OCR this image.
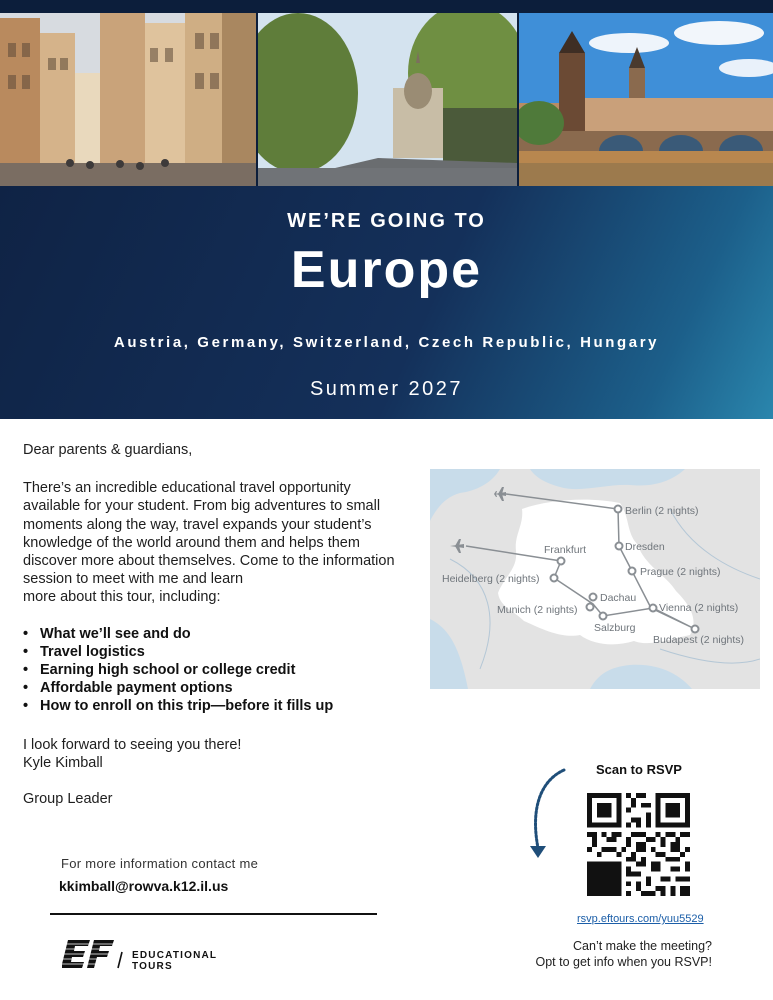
WE’RE GOING TO
Europe
Austria, Germany, Switzerland, Czech Republic, Hungary
Summer 2027
Dear parents & guardians,
There’s an incredible educational travel opportunity
available for your student. From big adventures to small
moments along the way, travel expands your student’s
knowledge of the world around them and helps them
discover more about themselves. Come to the information
session to meet with me and learn
more about this tour, including:
• What we’ll see and do
• Travel logistics
• Earning high school or college credit
• Affordable payment options
• How to enroll on this trip—before it fills up
I look forward to seeing you there!
Kyle Kimball
Group Leader
Berlin (2 nights)
Frankfurt	Dresden
Prague (2 nights)
Heidelberg (2 nights)
Dachau
Munich (2 nights)	Vienna (2 nights)
Salzburg
Budapest (2 nights)
For more information contact me
kkimball@rowva.k12.il.us
EDUCATIONAL
TOURS
Scan to RSVP
rsvp.eftours.com/yuu5529
Can’t make the meeting?
Opt to get info when you RSVP!
